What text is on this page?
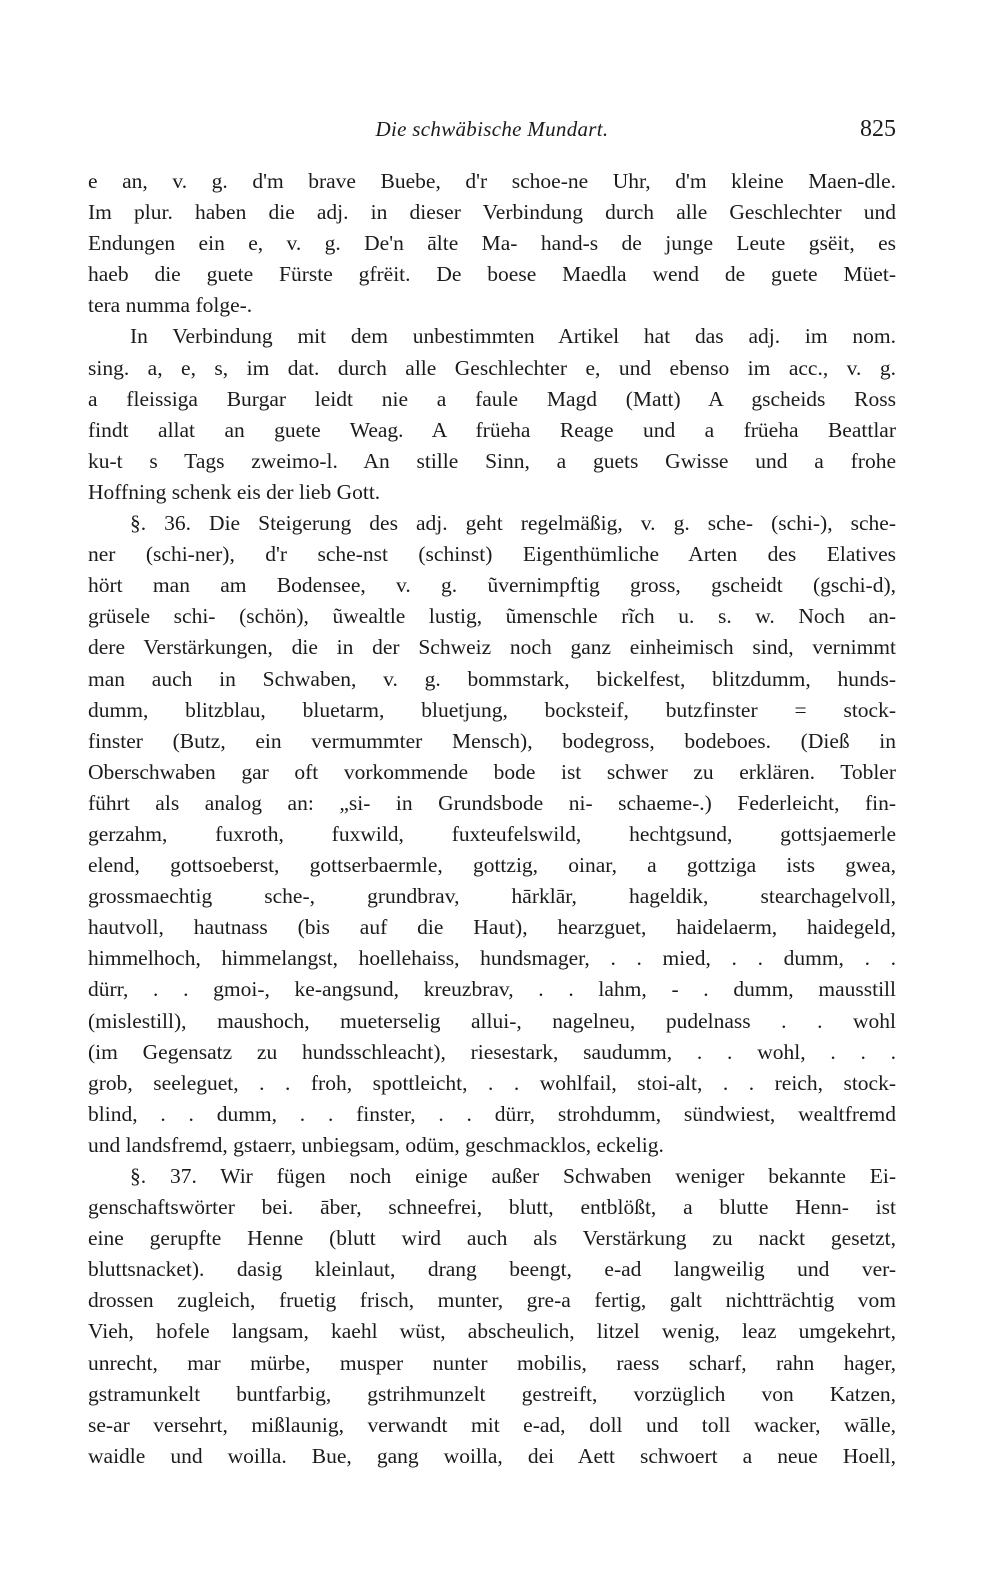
Die schwäbische Mundart.	825
e an, v. g. d'm brave Buebe, d'r schoe-ne Uhr, d'm kleine Maen-dle.
Im plur. haben die adj. in dieser Verbindung durch alle Geschlechter und
Endungen ein e, v. g. De'n ālte Ma- hand-s de junge Leute gsëit, es
haeb die guete Fürste gfrëit. De boese Maedla wend de guete Müet-
tera numma folge-.
In Verbindung mit dem unbestimmten Artikel hat das adj. im nom.
sing. a, e, s, im dat. durch alle Geschlechter e, und ebenso im acc., v. g.
a fleissiga Burgar leidt nie a faule Magd (Matt) A gscheids Ross
findt allat an guete Weag. A früeha Reage und a früeha Beattlar
ku-t s Tags zweimo-l. An stille Sinn, a guets Gwisse und a frohe
Hoffning schenk eis der lieb Gott.
§. 36. Die Steigerung des adj. geht regelmäßig, v. g. sche- (schi-), sche-
ner (schi-ner), d'r sche-nst (schinst) Eigenthümliche Arten des Elatives
hört man am Bodensee, v. g. ũvernimpftig gross, gscheidt (gschi-d),
grüsele schi- (schön), ũwealtle lustig, ũmenschle rĩch u. s. w. Noch an-
dere Verstärkungen, die in der Schweiz noch ganz einheimisch sind, vernimmt
man auch in Schwaben, v. g. bommstark, bickelfest, blitzdumm, hunds-
dumm, blitzblau, bluetarm, bluetjung, bocksteif, butzfinster = stock-
finster (Butz, ein vermummter Mensch), bodegross, bodeboes. (Dieß in
Oberschwaben gar oft vorkommende bode ist schwer zu erklären. Tobler
führt als analog an: „si- in Grundsbode ni- schaeme-.) Federleicht, fin-
gerzahm, fuxroth, fuxwild, fuxteufelswild, hechtgsund, gottsjaemerle
elend, gottsoeberst, gottserbaermle, gottzig, oinar, a gottziga ists gwea,
grossmaechtig sche-, grundbrav, hārklār, hageldik, stearchagelvoll,
hautvoll, hautnass (bis auf die Haut), hearzguet, haidelaerm, haidegeld,
himmelhoch, himmelangst, hoellehaiss, hundsmager, . . mied, . . dumm, . .
dürr, . . gmoi-, ke-angsund, kreuzbrav, . . lahm, - . dumm, mausstill
(mislestill), maushoch, mueterselig allui-, nagelneu, pudelnass . . wohl
(im Gegensatz zu hundsschleacht), riesestark, saudumm, . . wohl, . . .
grob, seeleguet, . . froh, spottleicht, . . wohlfail, stoi-alt, . . reich, stock-
blind, . . dumm, . . finster, . . dürr, strohdumm, sündwiest, wealtfremd
und landsfremd, gstaerr, unbiegsam, odüm, geschmacklos, eckelig.
§. 37. Wir fügen noch einige außer Schwaben weniger bekannte Ei-
genschaftswörter bei. āber, schneefrei, blutt, entblößt, a blutte Henn- ist
eine gerupfte Henne (blutt wird auch als Verstärkung zu nackt gesetzt,
bluttsnacket). dasig kleinlaut, drang beengt, e-ad langweilig und ver-
drossen zugleich, fruetig frisch, munter, gre-a fertig, galt nichtträchtig vom
Vieh, hofele langsam, kaehl wüst, abscheulich, litzel wenig, leaz umgekehrt,
unrecht, mar mürbe, musper nunter mobilis, raess scharf, rahn hager,
gstramunkelt buntfarbig, gstrihmunzelt gestreift, vorzüglich von Katzen,
se-ar versehrt, mißlaunig, verwandt mit e-ad, doll und toll wacker, wālle,
waidle und woilla. Bue, gang woilla, dei Aett schwoert a neue Hoell,
